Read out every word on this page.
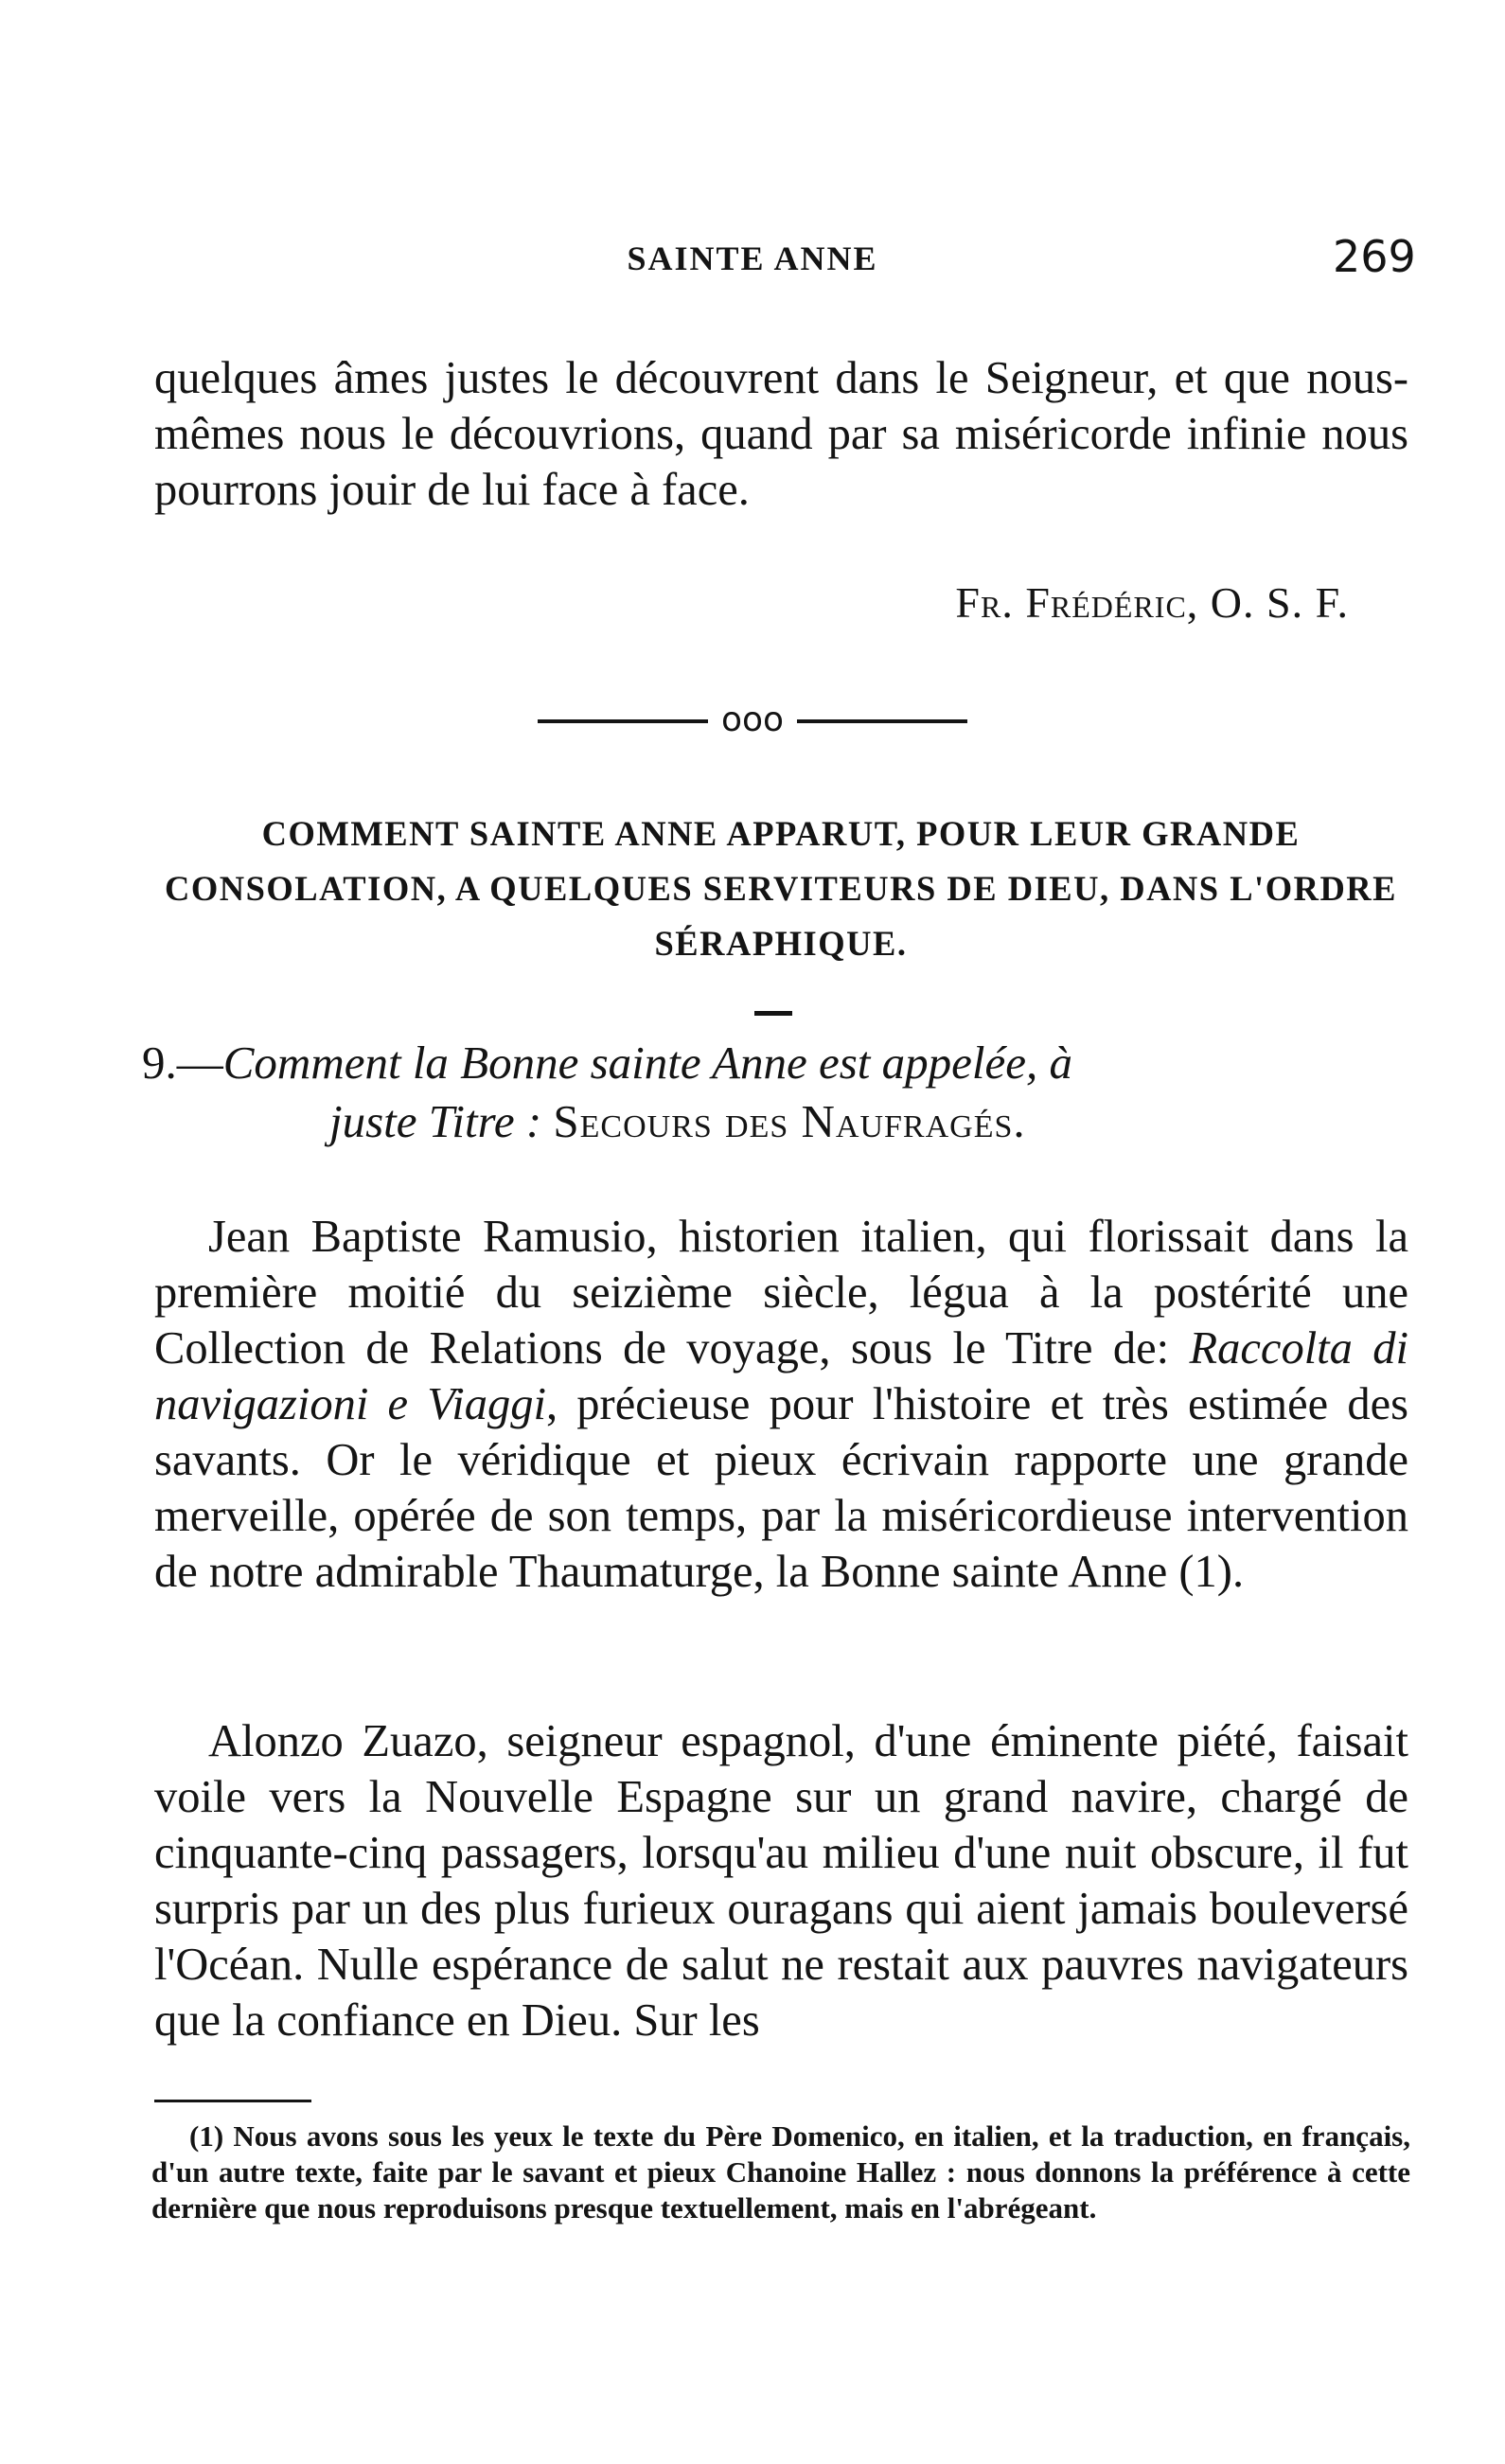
SAINTE ANNE	269

quelques âmes justes le découvrent dans le Seigneur, et que nous-mêmes nous le découvrions, quand par sa miséricorde infinie nous pourrons jouir de lui face à face.

Fr. Frédéric, O. S. F.
ooo
COMMENT SAINTE ANNE APPARUT, POUR LEUR GRANDE CONSOLATION, A QUELQUES SERVITEURS DE DIEU, DANS L'ORDRE SÉRAPHIQUE.
9.—Comment la Bonne sainte Anne est appelée, à
juste Titre : Secours des Naufragés.

Jean Baptiste Ramusio, historien italien, qui florissait dans la première moitié du seizième siècle, légua à la postérité une Collection de Relations de voyage, sous le Titre de: Raccolta di navigazioni e Viaggi, précieuse pour l'histoire et très estimée des savants. Or le véridique et pieux écrivain rapporte une grande merveille, opérée de son temps, par la miséricordieuse intervention de notre admirable Thaumaturge, la Bonne sainte Anne (1).

Alonzo Zuazo, seigneur espagnol, d'une éminente piété, faisait voile vers la Nouvelle Espagne sur un grand navire, chargé de cinquante-cinq passagers, lorsqu'au milieu d'une nuit obscure, il fut surpris par un des plus furieux ouragans qui aient jamais bouleversé l'Océan. Nulle espérance de salut ne restait aux pauvres navigateurs que la confiance en Dieu. Sur les

(1) Nous avons sous les yeux le texte du Père Domenico, en italien, et la traduction, en français, d'un autre texte, faite par le savant et pieux Chanoine Hallez : nous donnons la préférence à cette dernière que nous reproduisons presque textuellement, mais en l'abrégeant.
